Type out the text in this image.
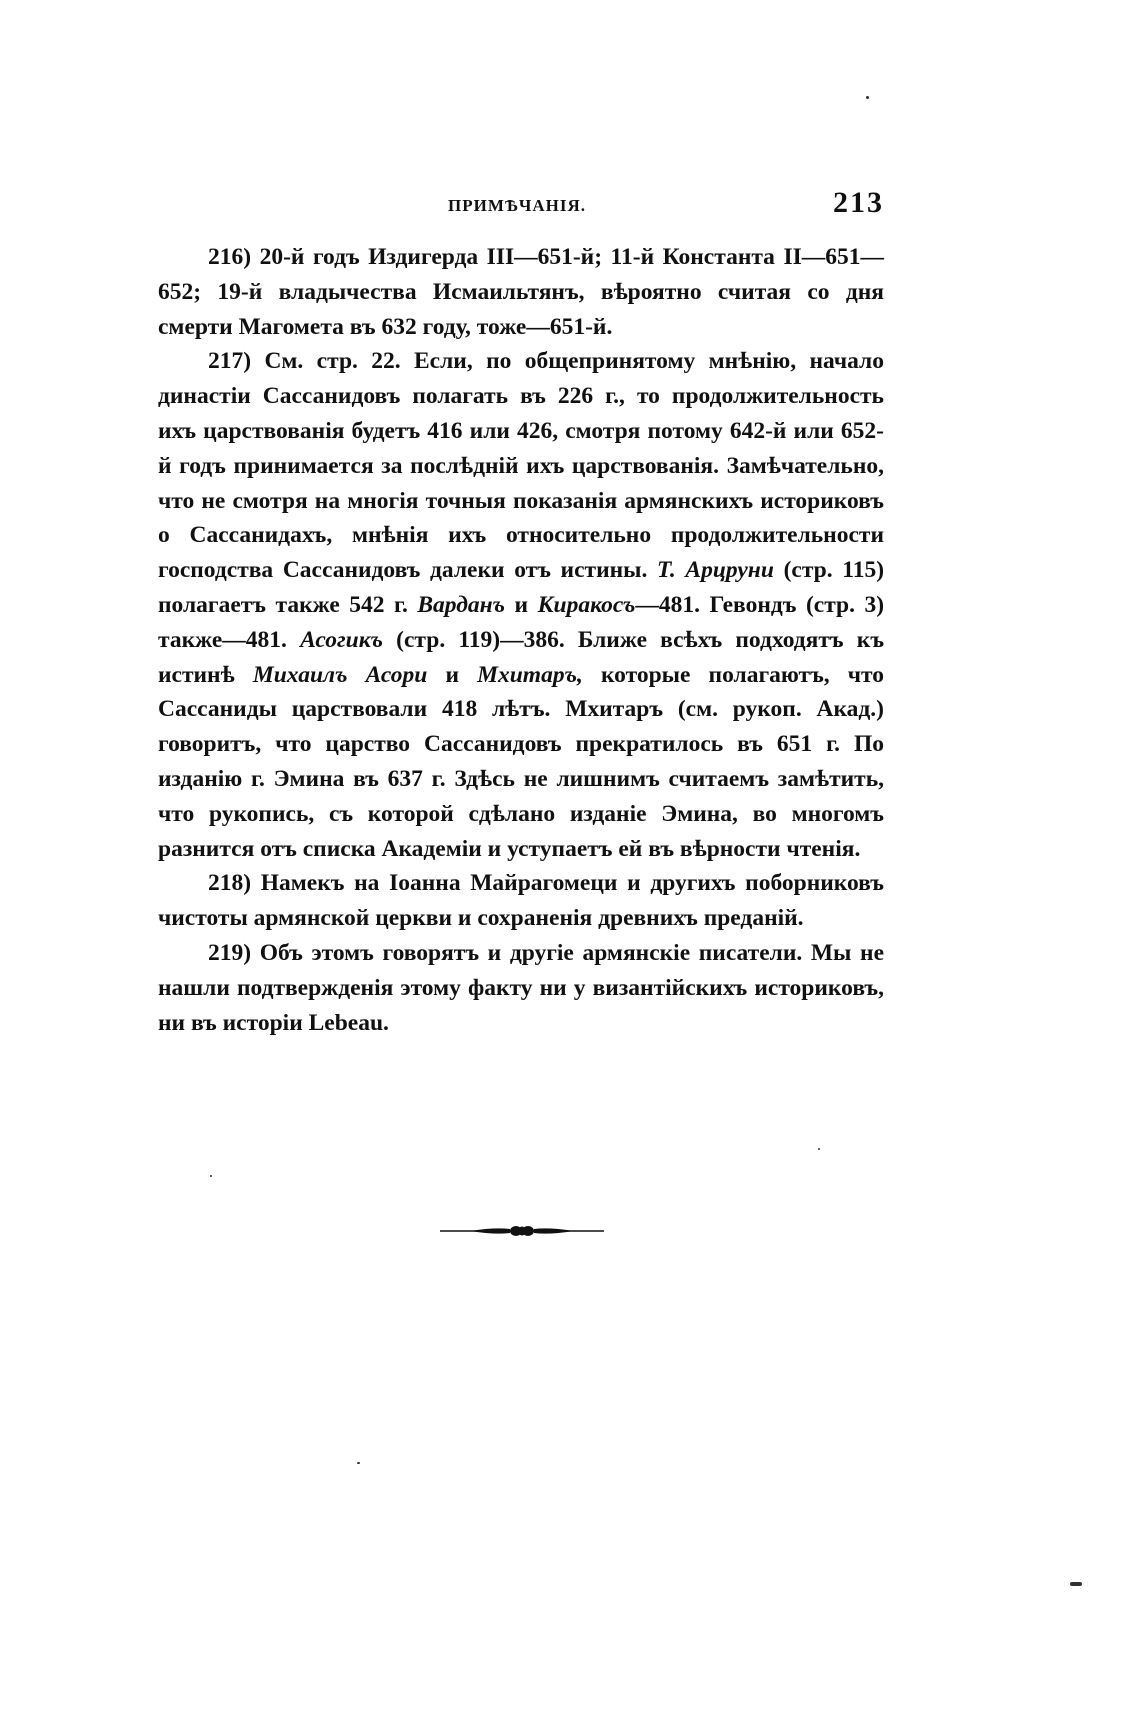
ПРИМѢЧАНІЯ.	213

216) 20-й годъ Издигерда III—651-й; 11-й Константа II—651—652; 19-й владычества Исмаильтянъ, вѣроятно считая со дня смерти Магомета въ 632 году, тоже—651-й.

217) См. стр. 22. Если, по общепринятому мнѣнію, начало династіи Сассанидовъ полагать въ 226 г., то продолжительность ихъ царствованія будетъ 416 или 426, смотря потому 642-й или 652-й годъ принимается за послѣдній ихъ царствованія. Замѣчательно, что не смотря на многія точныя показанія армянскихъ историковъ о Сассанидахъ, мнѣнія ихъ относительно продолжительности господства Сассанидовъ далеки отъ истины. Т. Арцруни (стр. 115) полагаетъ также 542 г. Варданъ и Киракосъ—481. Гевондъ (стр. 3) также—481. Асогикъ (стр. 119)—386. Ближе всѣхъ подходятъ къ истинѣ Михаилъ Асори и Мхитаръ, которые полагаютъ, что Сассаниды царствовали 418 лѣтъ. Мхитаръ (см. рукоп. Акад.) говоритъ, что царство Сассанидовъ прекратилось въ 651 г. По изданію г. Эмина въ 637 г. Здѣсь не лишнимъ считаемъ замѣтить, что рукопись, съ которой сдѣлано изданіе Эмина, во многомъ разнится отъ списка Академіи и уступаетъ ей въ вѣрности чтенія.

218) Намекъ на Іоанна Майрагомеци и другихъ поборниковъ чистоты армянской церкви и сохраненія древнихъ преданій.

219) Объ этомъ говорятъ и другіе армянскіе писатели. Мы не нашли подтвержденія этому факту ни у византійскихъ историковъ, ни въ исторіи Lebeau.
